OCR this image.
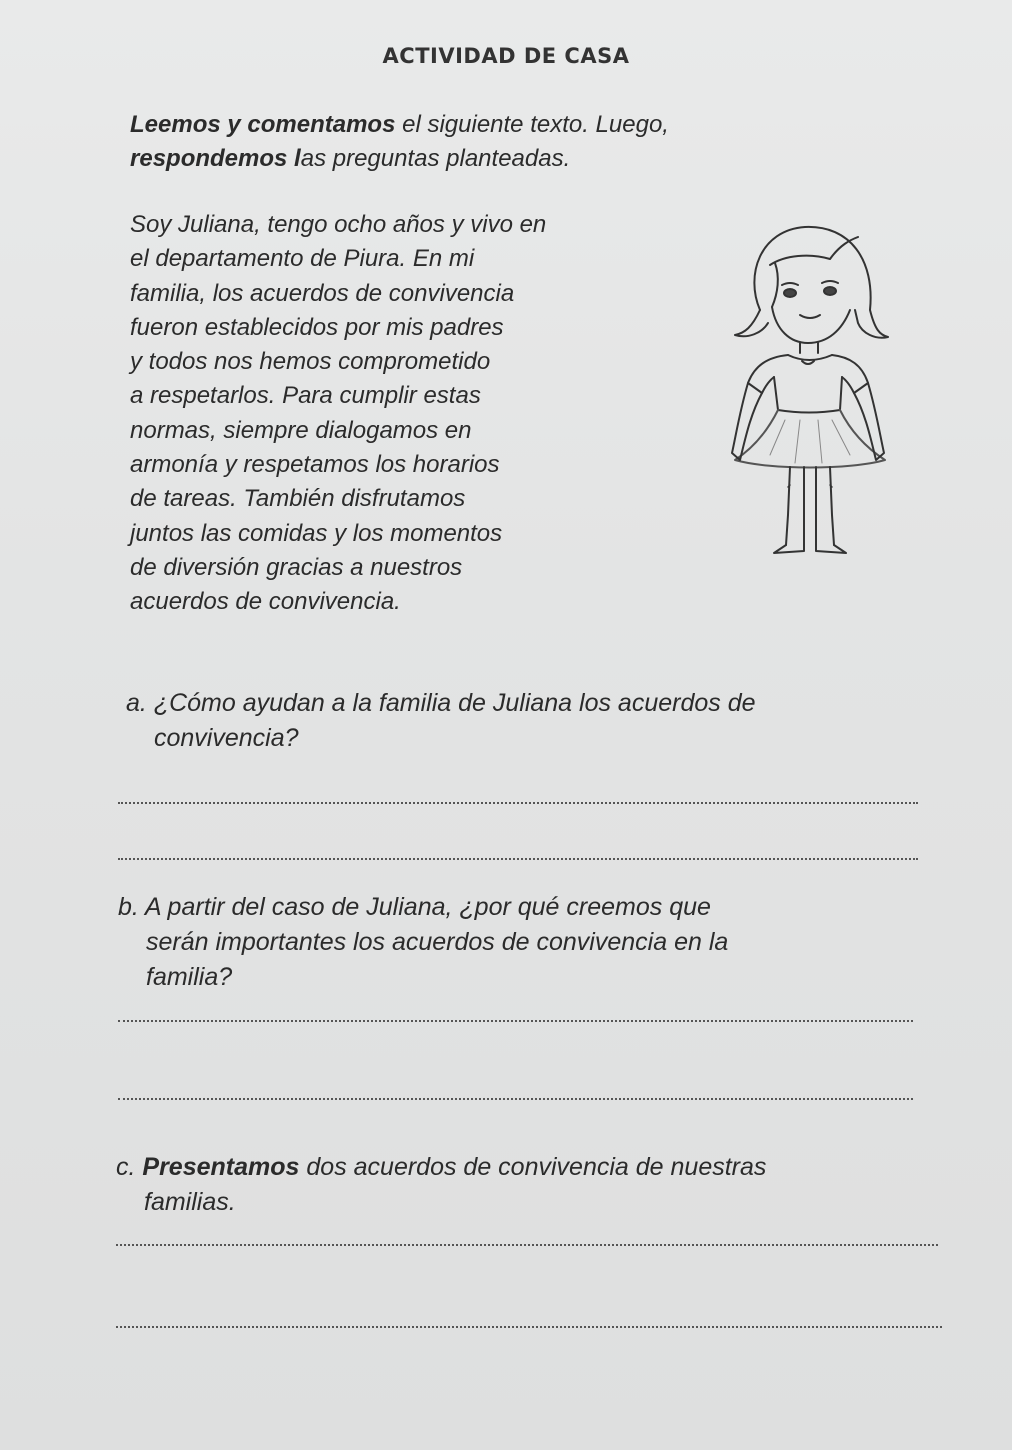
ACTIVIDAD DE CASA
Leemos y comentamos el siguiente texto. Luego,
respondemos las preguntas planteadas.

Soy Juliana, tengo ocho años y vivo en
el departamento de Piura. En mi
familia, los acuerdos de convivencia
fueron establecidos por mis padres
y todos nos hemos comprometido
a respetarlos. Para cumplir estas
normas, siempre dialogamos en
armonía y respetamos los horarios
de tareas. También disfrutamos
juntos las comidas y los momentos
de diversión gracias a nuestros
acuerdos de convivencia.

a. ¿Cómo ayudan a la familia de Juliana los acuerdos de
convivencia?
b. A partir del caso de Juliana, ¿por qué creemos que
serán importantes los acuerdos de convivencia en la
familia?
c. Presentamos dos acuerdos de convivencia de nuestras
familias.
